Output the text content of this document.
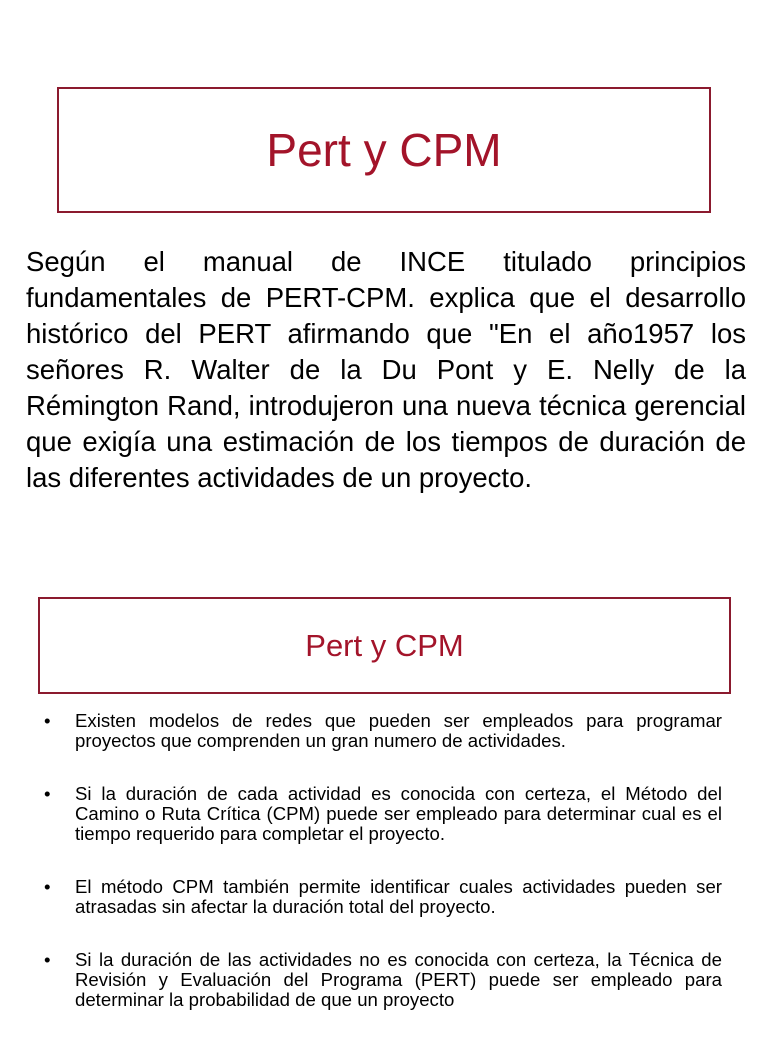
Pert y CPM

Según el manual de INCE titulado principios fundamentales de PERT-CPM. explica que el desarrollo histórico del PERT afirmando que "En el año1957 los señores R. Walter de la Du Pont y E. Nelly de la Rémington Rand, introdujeron una nueva técnica gerencial que exigía una estimación de los tiempos de duración de las diferentes actividades de un proyecto.

Pert y CPM
• Existen modelos de redes que pueden ser empleados para programar proyectos que comprenden un gran numero de actividades.
• Si la duración de cada actividad es conocida con certeza, el Método del Camino o Ruta Crítica (CPM) puede ser empleado para determinar cual es el tiempo requerido para completar el proyecto.
• El método CPM también permite identificar cuales actividades pueden ser atrasadas sin afectar la duración total del proyecto.
• Si la duración de las actividades no es conocida con certeza, la Técnica de Revisión y Evaluación del Programa (PERT) puede ser empleado para determinar la probabilidad de que un proyecto
